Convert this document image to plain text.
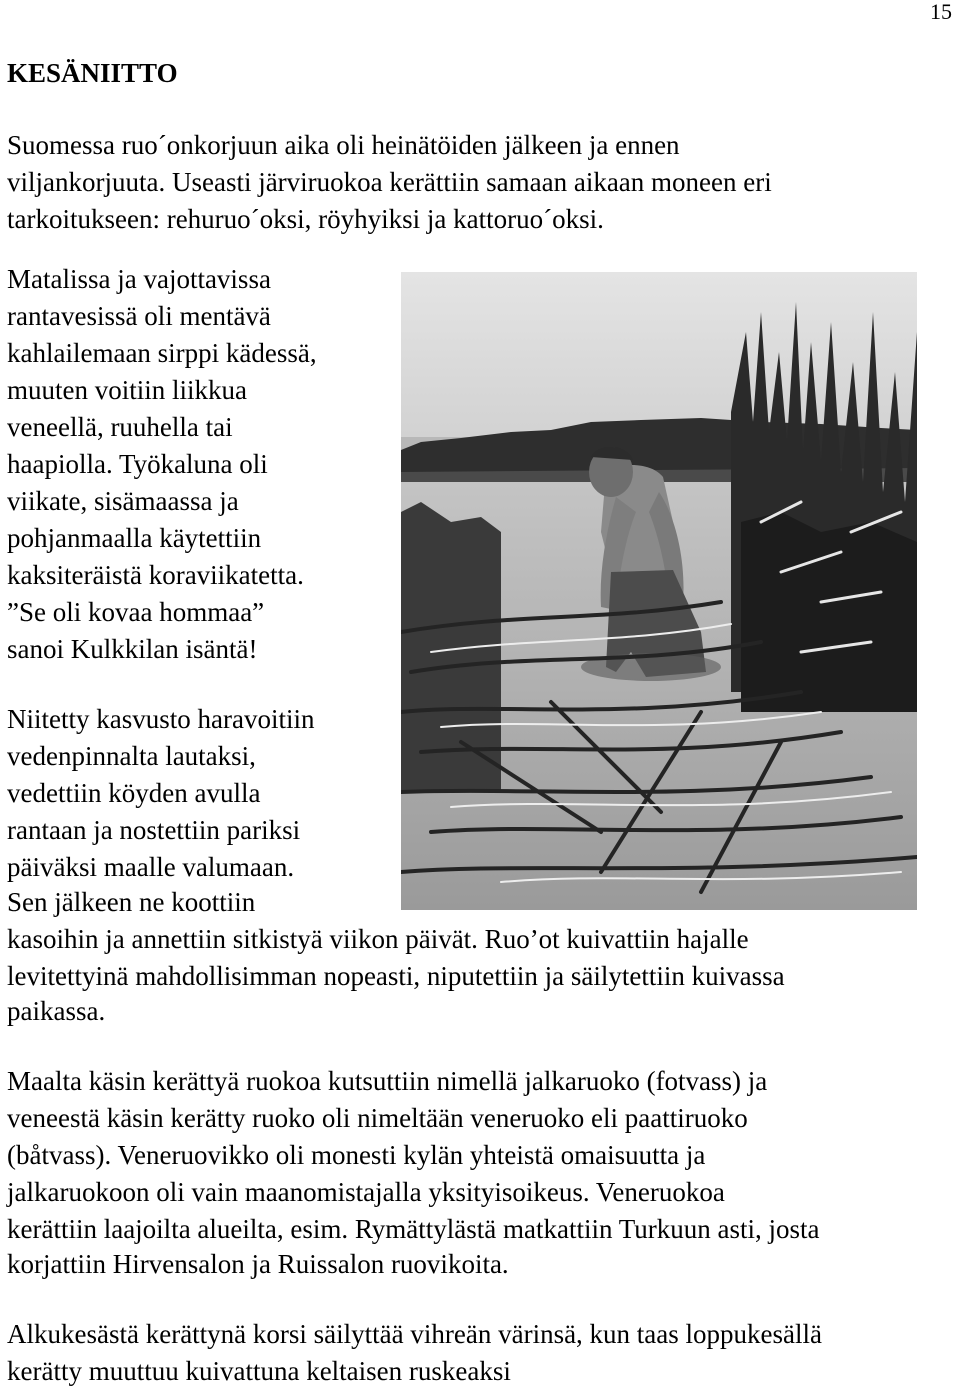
15
KESÄNIITTO

Suomessa ruo´onkorjuun aika oli heinätöiden jälkeen ja ennen

viljankorjuuta. Useasti järviruokoa kerättiin samaan aikaan moneen eri

tarkoitukseen: rehuruo´oksi, röyhyiksi ja kattoruo´oksi.

Matalissa ja vajottavissa

rantavesissä oli mentävä

kahlailemaan sirppi kädessä,

muuten voitiin liikkua

veneellä, ruuhella tai

haapiolla. Työkaluna oli

viikate, sisämaassa ja

pohjanmaalla käytettiin

kaksiteräistä koraviikatetta.

”Se oli kovaa hommaa”

sanoi Kulkkilan isäntä!

Niitetty kasvusto haravoitiin

vedenpinnalta lautaksi,

vedettiin köyden avulla

rantaan ja nostettiin pariksi

päiväksi maalle valumaan.

Sen jälkeen ne koottiin

kasoihin ja annettiin sitkistyä viikon päivät. Ruo’ot kuivattiin hajalle

levitettyinä mahdollisimman nopeasti, niputettiin ja säilytettiin kuivassa

paikassa.

Maalta käsin kerättyä ruokoa kutsuttiin nimellä jalkaruoko (fotvass) ja

veneestä käsin kerätty ruoko oli nimeltään veneruoko eli paattiruoko

(båtvass). Veneruovikko oli monesti kylän yhteistä omaisuutta ja

jalkaruokoon oli vain maanomistajalla yksityisoikeus. Veneruokoa

kerättiin laajoilta alueilta, esim. Rymättylästä matkattiin Turkuun asti, josta

korjattiin Hirvensalon ja Ruissalon ruovikoita.

Alkukesästä kerättynä korsi säilyttää vihreän värinsä, kun taas loppukesällä

kerätty muuttuu kuivattuna keltaisen ruskeaksi
